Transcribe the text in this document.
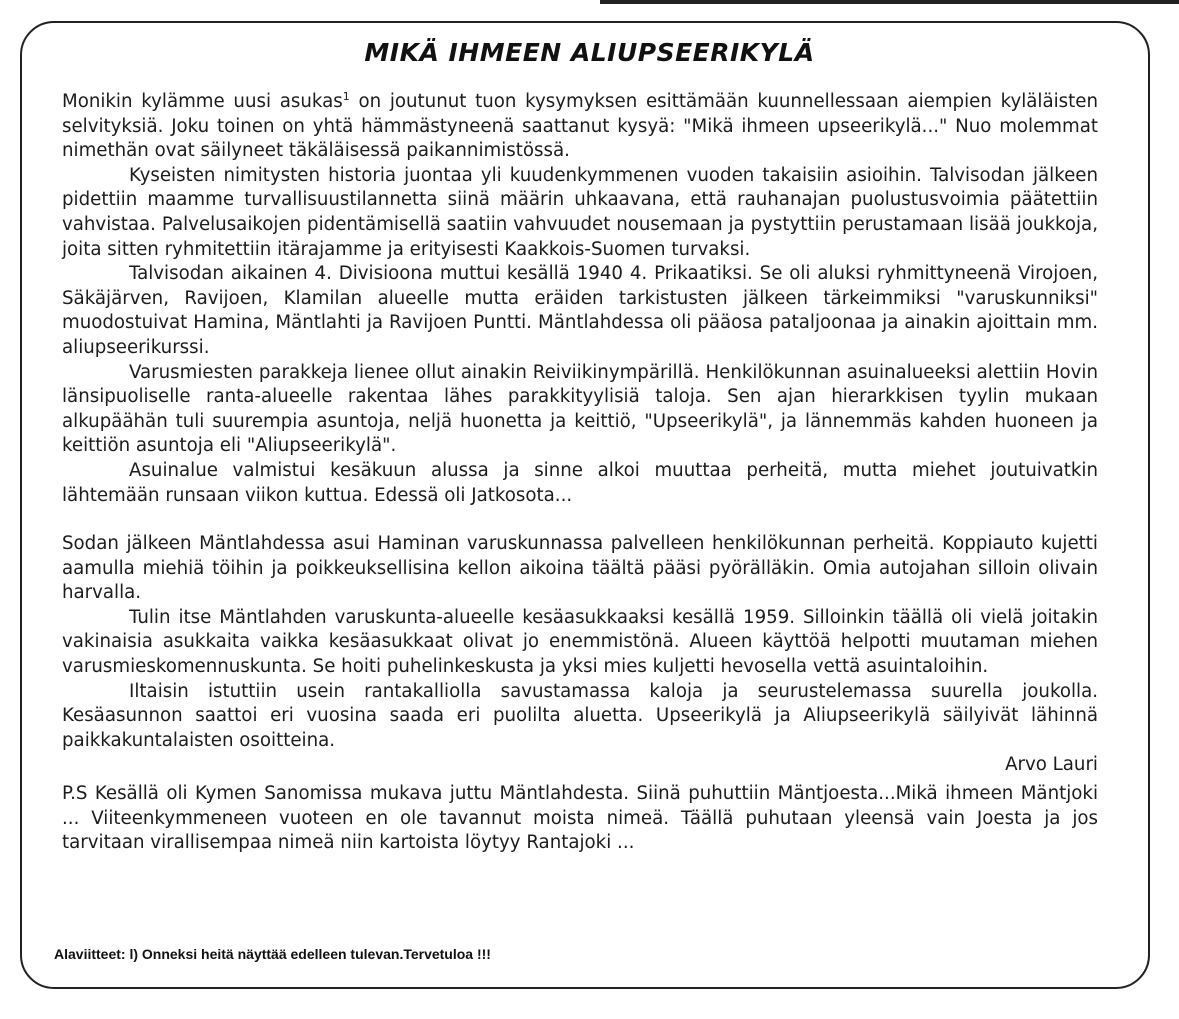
MIKÄ IHMEEN ALIUPSEERIKYLÄ

Monikin kylämme uusi asukas$^1$ on joutunut tuon kysymyksen esittämään kuunnellessaan aiempien kyläläisten selvityksiä. Joku toinen on yhtä hämmästyneenä saattanut kysyä: "Mikä ihmeen upseerikylä..." Nuo molemmat nimethän ovat säilyneet täkäläisessä paikannimistössä.

Kyseisten nimitysten historia juontaa yli kuudenkymmenen vuoden takaisiin asioihin. Talvisodan jälkeen pidettiin maamme turvallisuustilannetta siinä määrin uhkaavana, että rauhanajan puolustusvoimia päätettiin vahvistaa. Palvelusaikojen pidentämisellä saatiin vahvuudet nousemaan ja pystyttiin perustamaan lisää joukkoja, joita sitten ryhmitettiin itärajamme ja erityisesti Kaakkois-Suomen turvaksi.

Talvisodan aikainen 4. Divisioona muttui kesällä 1940 4. Prikaatiksi. Se oli aluksi ryhmittyneenä Virojoen, Säkäjärven, Ravijoen, Klamilan alueelle mutta eräiden tarkistusten jälkeen tärkeimmiksi "varuskunniksi" muodostuivat Hamina, Mäntlahti ja Ravijoen Puntti. Mäntlahdessa oli pääosa pataljoonaa ja ainakin ajoittain mm. aliupseerikurssi.

Varusmiesten parakkeja lienee ollut ainakin Reiviikinympärillä. Henkilökunnan asuinalueeksi alettiin Hovin länsipuoliselle ranta-alueelle rakentaa lähes parakkityylisiä taloja. Sen ajan hierarkkisen tyylin mukaan alkupäähän tuli suurempia asuntoja, neljä huonetta ja keittiö, "Upseerikylä", ja lännemmäs kahden huoneen ja keittiön asuntoja eli "Aliupseerikylä".

Asuinalue valmistui kesäkuun alussa ja sinne alkoi muuttaa perheitä, mutta miehet joutuivatkin lähtemään runsaan viikon kuttua. Edessä oli Jatkosota...

Sodan jälkeen Mäntlahdessa asui Haminan varuskunnassa palvelleen henkilökunnan perheitä. Koppiauto kujetti aamulla miehiä töihin ja poikkeuksellisina kellon aikoina täältä pääsi pyörälläkin. Omia autojahan silloin olivain harvalla.

Tulin itse Mäntlahden varuskunta-alueelle kesäasukkaaksi kesällä 1959. Silloinkin täällä oli vielä joitakin vakinaisia asukkaita vaikka kesäasukkaat olivat jo enemmistönä. Alueen käyttöä helpotti muutaman miehen varusmieskomennuskunta. Se hoiti puhelinkeskusta ja yksi mies kuljetti hevosella vettä asuintaloihin.

Iltaisin istuttiin usein rantakalliolla savustamassa kaloja ja seurustelemassa suurella joukolla. Kesäasunnon saattoi eri vuosina saada eri puolilta aluetta. Upseerikylä ja Aliupseerikylä säilyivät lähinnä paikkakuntalaisten osoitteina.

Arvo Lauri

P.S Kesällä oli Kymen Sanomissa mukava juttu Mäntlahdesta. Siinä puhuttiin Mäntjoesta...Mikä ihmeen Mäntjoki ... Viiteenkymmeneen vuoteen en ole tavannut moista nimeä. Täällä puhutaan yleensä vain Joesta ja jos tarvitaan virallisempaa nimeä niin kartoista löytyy Rantajoki ...

Alaviitteet: l) Onneksi heitä näyttää edelleen tulevan.Tervetuloa !!!
